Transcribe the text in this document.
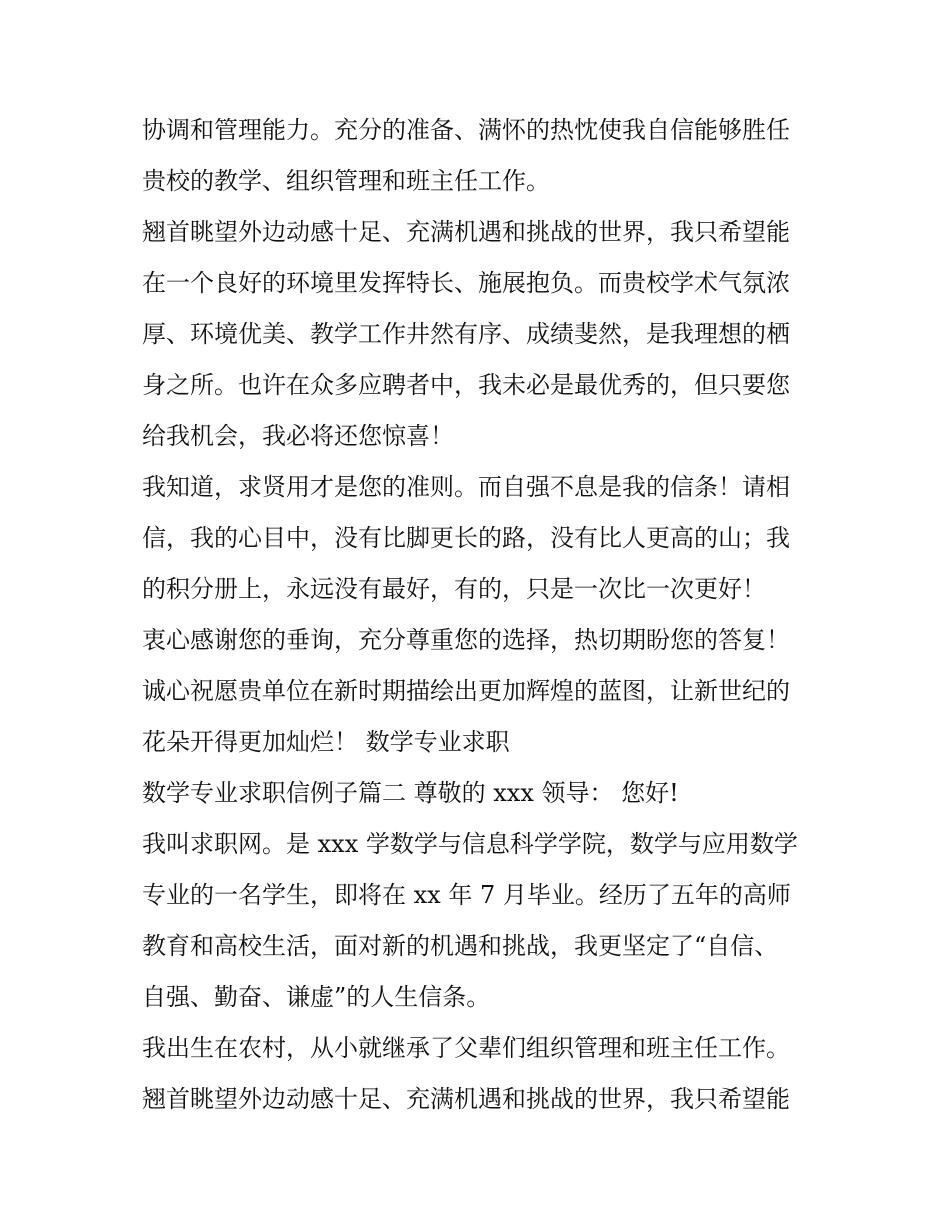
协调和管理能力。充分的准备、满怀的热忱使我自信能够胜任
贵校的教学、组织管理和班主任工作。
翘首眺望外边动感十足、充满机遇和挑战的世界，我只希望能
在一个良好的环境里发挥特长、施展抱负。而贵校学术气氛浓
厚、环境优美、教学工作井然有序、成绩斐然，是我理想的栖
身之所。也许在众多应聘者中，我未必是最优秀的，但只要您
给我机会，我必将还您惊喜！
我知道，求贤用才是您的准则。而自强不息是我的信条！请相
信，我的心目中，没有比脚更长的路，没有比人更高的山；我
的积分册上，永远没有最好，有的，只是一次比一次更好！
衷心感谢您的垂询，充分尊重您的选择，热切期盼您的答复！
诚心祝愿贵单位在新时期描绘出更加辉煌的蓝图，让新世纪的
花朵开得更加灿烂！ 数学专业求职
数学专业求职信例子篇二 尊敬的 xxx 领导： 您好!
我叫求职网。是 xxx 学数学与信息科学学院，数学与应用数学
专业的一名学生，即将在 xx 年 7 月毕业。经历了五年的高师
教育和高校生活，面对新的机遇和挑战，我更坚定了“自信、
自强、勤奋、谦虚”的人生信条。
我出生在农村，从小就继承了父辈们组织管理和班主任工作。
翘首眺望外边动感十足、充满机遇和挑战的世界，我只希望能
